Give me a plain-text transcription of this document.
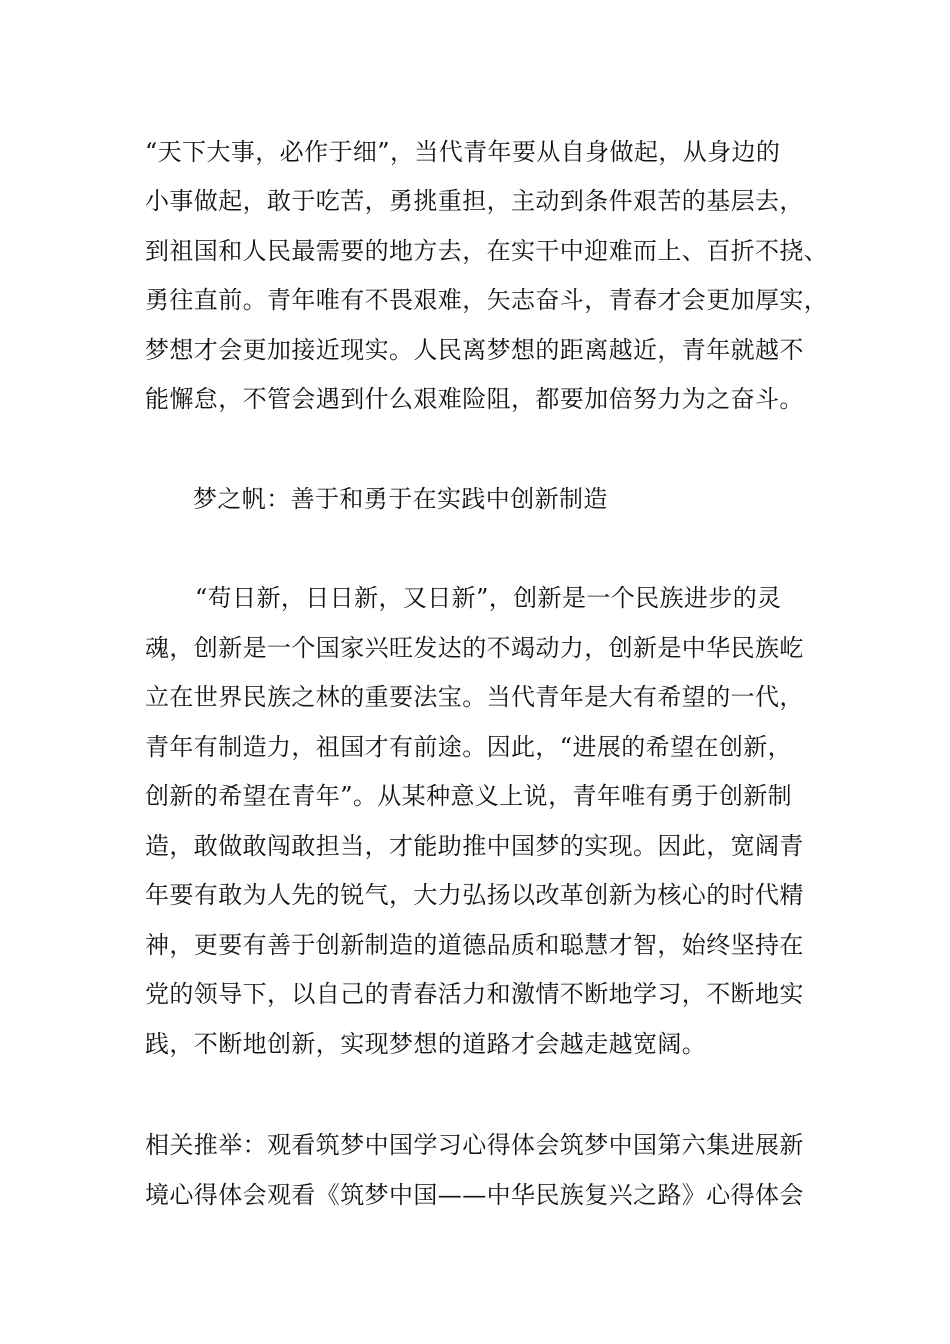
“天下大事，必作于细”，当代青年要从自身做起，从身边的
小事做起，敢于吃苦，勇挑重担，主动到条件艰苦的基层去，
到祖国和人民最需要的地方去，在实干中迎难而上、百折不挠、
勇往直前。青年唯有不畏艰难，矢志奋斗，青春才会更加厚实，
梦想才会更加接近现实。人民离梦想的距离越近，青年就越不
能懈怠，不管会遇到什么艰难险阻，都要加倍努力为之奋斗。
梦之帆：善于和勇于在实践中创新制造
“苟日新，日日新，又日新”，创新是一个民族进步的灵
魂，创新是一个国家兴旺发达的不竭动力，创新是中华民族屹
立在世界民族之林的重要法宝。当代青年是大有希望的一代，
青年有制造力，祖国才有前途。因此，“进展的希望在创新，
创新的希望在青年”。从某种意义上说，青年唯有勇于创新制
造，敢做敢闯敢担当，才能助推中国梦的实现。因此，宽阔青
年要有敢为人先的锐气，大力弘扬以改革创新为核心的时代精
神，更要有善于创新制造的道德品质和聪慧才智，始终坚持在
党的领导下，以自己的青春活力和激情不断地学习，不断地实
践，不断地创新，实现梦想的道路才会越走越宽阔。
相关推举：观看筑梦中国学习心得体会筑梦中国第六集进展新
境心得体会观看《筑梦中国——中华民族复兴之路》心得体会
